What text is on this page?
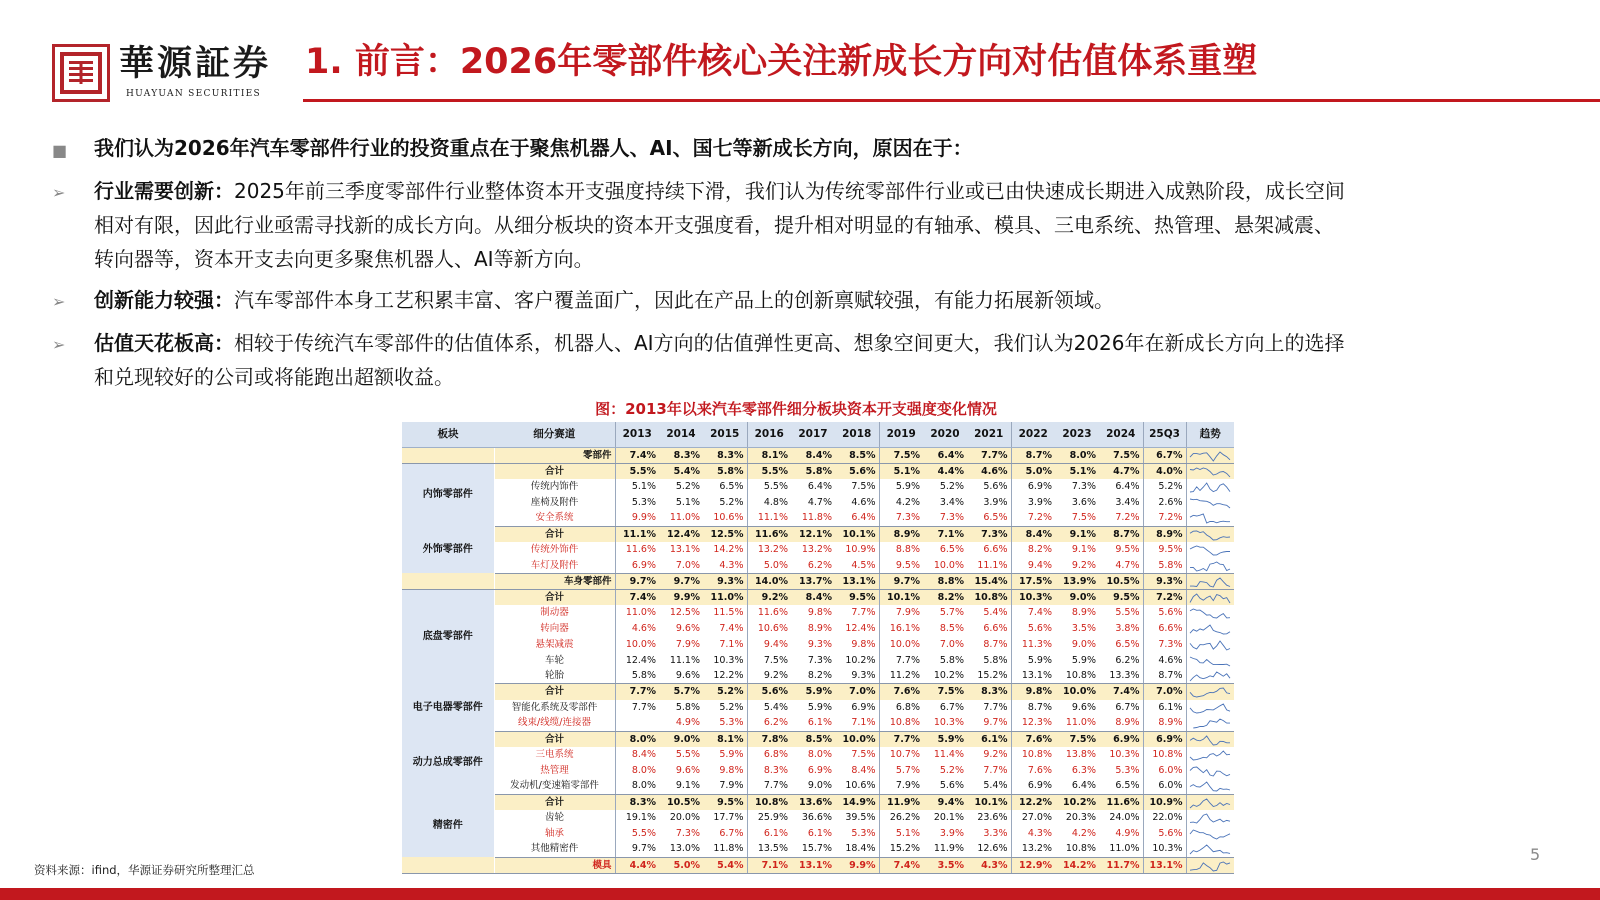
華源証券
HUAYUAN SECURITIES
1. 前言：2026年零部件核心关注新成长方向对估值体系重塑
■ 我们认为2026年汽车零部件行业的投资重点在于聚焦机器人、AI、国七等新成长方向，原因在于：
➢ 行业需要创新：2025年前三季度零部件行业整体资本开支强度持续下滑，我们认为传统零部件行业或已由快速成长期进入成熟阶段，成长空间
相对有限，因此行业亟需寻找新的成长方向。从细分板块的资本开支强度看，提升相对明显的有轴承、模具、三电系统、热管理、悬架减震、
转向器等，资本开支去向更多聚焦机器人、AI等新方向。
➢ 创新能力较强：汽车零部件本身工艺积累丰富、客户覆盖面广，因此在产品上的创新禀赋较强，有能力拓展新领域。
➢ 估值天花板高：相较于传统汽车零部件的估值体系，机器人、AI方向的估值弹性更高、想象空间更大，我们认为2026年在新成长方向上的选择
和兑现较好的公司或将能跑出超额收益。
图：2013年以来汽车零部件细分板块资本开支强度变化情况
板块	细分赛道	2013	2014	2015	2016	2017	2018	2019	2020	2021	2022	2023	2024	25Q3	趋势
	零部件	7.4%	8.3%	8.3%	8.1%	8.4%	8.5%	7.5%	6.4%	7.7%	8.7%	8.0%	7.5%	6.7%	

内饰零部件	合计	5.5%	5.4%	5.8%	5.5%	5.8%	5.6%	5.1%	4.4%	4.6%	5.0%	5.1%	4.7%	4.0%	

	传统内饰件	5.1%	5.2%	6.5%	5.5%	6.4%	7.5%	5.9%	5.2%	5.6%	6.9%	7.3%	6.4%	5.2%	

	座椅及附件	5.3%	5.1%	5.2%	4.8%	4.7%	4.6%	4.2%	3.4%	3.9%	3.9%	3.6%	3.4%	2.6%	

	安全系统	9.9%	11.0%	10.6%	11.1%	11.8%	6.4%	7.3%	7.3%	6.5%	7.2%	7.5%	7.2%	7.2%	

外饰零部件	合计	11.1%	12.4%	12.5%	11.6%	12.1%	10.1%	8.9%	7.1%	7.3%	8.4%	9.1%	8.7%	8.9%	

	传统外饰件	11.6%	13.1%	14.2%	13.2%	13.2%	10.9%	8.8%	6.5%	6.6%	8.2%	9.1%	9.5%	9.5%	

	车灯及附件	6.9%	7.0%	4.3%	5.0%	6.2%	4.5%	9.5%	10.0%	11.1%	9.4%	9.2%	4.7%	5.8%	

	车身零部件	9.7%	9.7%	9.3%	14.0%	13.7%	13.1%	9.7%	8.8%	15.4%	17.5%	13.9%	10.5%	9.3%	

底盘零部件	合计	7.4%	9.9%	11.0%	9.2%	8.4%	9.5%	10.1%	8.2%	10.8%	10.3%	9.0%	9.5%	7.2%	

	制动器	11.0%	12.5%	11.5%	11.6%	9.8%	7.7%	7.9%	5.7%	5.4%	7.4%	8.9%	5.5%	5.6%	

	转向器	4.6%	9.6%	7.4%	10.6%	8.9%	12.4%	16.1%	8.5%	6.6%	5.6%	3.5%	3.8%	6.6%	

	悬架减震	10.0%	7.9%	7.1%	9.4%	9.3%	9.8%	10.0%	7.0%	8.7%	11.3%	9.0%	6.5%	7.3%	

	车轮	12.4%	11.1%	10.3%	7.5%	7.3%	10.2%	7.7%	5.8%	5.8%	5.9%	5.9%	6.2%	4.6%	

	轮胎	5.8%	9.6%	12.2%	9.2%	8.2%	9.3%	11.2%	10.2%	15.2%	13.1%	10.8%	13.3%	8.7%	

电子电器零部件	合计	7.7%	5.7%	5.2%	5.6%	5.9%	7.0%	7.6%	7.5%	8.3%	9.8%	10.0%	7.4%	7.0%	

	智能化系统及零部件	7.7%	5.8%	5.2%	5.4%	5.9%	6.9%	6.8%	6.7%	7.7%	8.7%	9.6%	6.7%	6.1%	

	线束/线缆/连接器		4.9%	5.3%	6.2%	6.1%	7.1%	10.8%	10.3%	9.7%	12.3%	11.0%	8.9%	8.9%	

动力总成零部件	合计	8.0%	9.0%	8.1%	7.8%	8.5%	10.0%	7.7%	5.9%	6.1%	7.6%	7.5%	6.9%	6.9%	

	三电系统	8.4%	5.5%	5.9%	6.8%	8.0%	7.5%	10.7%	11.4%	9.2%	10.8%	13.8%	10.3%	10.8%	

	热管理	8.0%	9.6%	9.8%	8.3%	6.9%	8.4%	5.7%	5.2%	7.7%	7.6%	6.3%	5.3%	6.0%	

	发动机/变速箱零部件	8.0%	9.1%	7.9%	7.7%	9.0%	10.6%	7.9%	5.6%	5.4%	6.9%	6.4%	6.5%	6.0%	

精密件	合计	8.3%	10.5%	9.5%	10.8%	13.6%	14.9%	11.9%	9.4%	10.1%	12.2%	10.2%	11.6%	10.9%	

	齿轮	19.1%	20.0%	17.7%	25.9%	36.6%	39.5%	26.2%	20.1%	23.6%	27.0%	20.3%	24.0%	22.0%	

	轴承	5.5%	7.3%	6.7%	6.1%	6.1%	5.3%	5.1%	3.9%	3.3%	4.3%	4.2%	4.9%	5.6%	

	其他精密件	9.7%	13.0%	11.8%	13.5%	15.7%	18.4%	15.2%	11.9%	12.6%	13.2%	10.8%	11.0%	10.3%	

	模具	4.4%	5.0%	5.4%	7.1%	13.1%	9.9%	7.4%	3.5%	4.3%	12.9%	14.2%	11.7%	13.1%	
资料来源：ifind，华源证券研究所整理汇总
5
